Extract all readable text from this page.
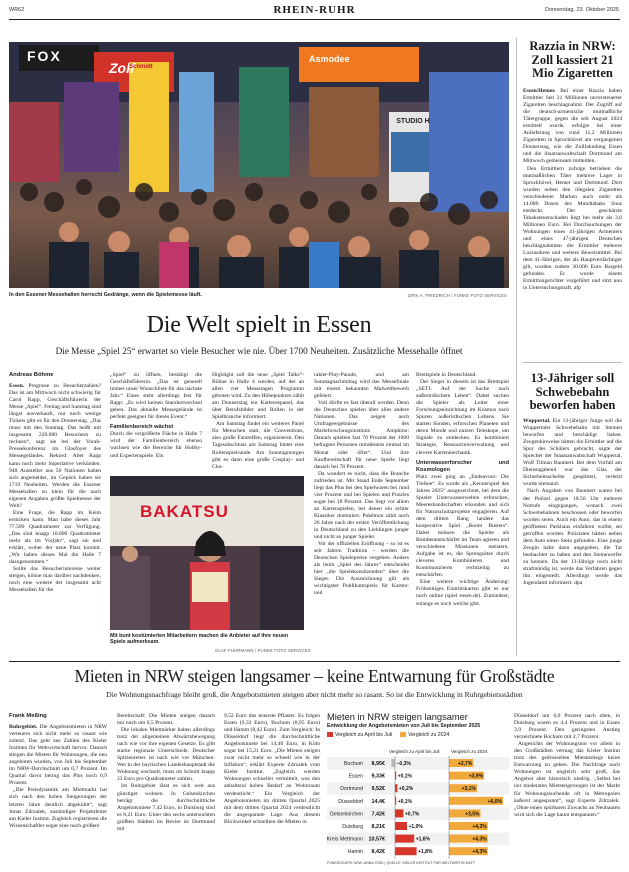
WR62	RHEIN-RUHR	Donnerstag, 23. Oktober 2025
FOX
Zolf
STUDIO H
Schmidt
Asmodee
In den Essener Messehallen herrscht Gedränge, wenn die Spielemesse läuft.	DIRK A. FRIEDRICH / FUNKE FOTO SERVICES
Die Welt spielt in Essen
Die Messe „Spiel 25“ erwartet so viele Besucher wie nie. Über 1700 Neuheiten. Zusätzliche Messehalle öffnet
Andreas Böhme

Essen. Prognose zu Besucherzahlen? Das ist am Mittwoch nicht schwierig für Carol Rapp, Geschäftsführerin der Messe „Spiel“. Freitag und Samstag sind längst ausverkauft, nur noch wenige Tickets gibt es für den Donnerstag. „Das muss mit den Sonntag. Das heißt mit insgesamt 220.000 Besuchern zu rechnen“, sagt sie bei der Vorab-Pressekonferenz im Glasfoyer des Messegeländes. Rekord: Aber Rapp kann noch mehr Superlative verkünden. 948 Aussteller aus 50 Nationen haben sich angemeldet, im Gepäck haben sie 1719 Neuheiten. Werden die Essener Messehallen zu klein für die nach eigenen Angaben größte Spielmesse der Welt?

Eine Frage, die Rapp im Keim ersticken kann. Man habe dieses Jahr 77.500 Quadratmeter zur Verfügung. „Das sind knapp 10.000 Quadratmeter mehr als im Vorjahr“, sagt sie und erklärt, woher der neue Platz kommt. „Wir haben dieses Mal die Halle 7 dazugenommen.“

Sollte das Besucherinteresse weiter steigen, könne man darüber nachdenken, noch eine weitere der insgesamt acht Messehallen für die

„Spiel“ zu öffnen, bestätigt die Geschäftsführerin. „Das ist generell immer unser Wunschliste für das nächste Jahr.“ Eines steht allerdings fest für Rapp: „Es wird keinen Standortwechsel geben. Das aktuelle Messegelände ist perfekt geeignet für dieses Event.“

Familienbereich wächst

Durch die vergrößerte Fläche in Halle 7 wird der Familienbereich ebenso wachsen wie die Bereiche für Hobby- und Expertenspiele. Ein

Highlight soll die neue „Spiel Talks“-Bühne in Halle 4 werden, auf der an allen vier Messetagen Programm geboten wird. Zu den Höhepunkten zählt am Donnerstag ein Kartenrepanel, das über Berufsbilder und Rollen in der Spielbranche informiert.

Am Samstag findet ein weiteres Panel für Menschen statt, die Conventions, also große Fantreffen, organisieren. Den Tagesabschluss am Samstag bietet eine Rollenspielrunde. Am Sonntagmorgen gibt es dann eine große Cosplay- und Cha-

BAKATSU
Mit bunt kostümierten Mitarbeitern machen die Anbieter auf ihre neuen Spiele aufmerksam.
OLAF FUHRMANN / FUNKE FOTO SERVICES

rakter-Play-Parade, und am Sonntagnachmittag wird das Messefinale mit einem bekannten Malwettbewerb gefeiert.

Voll dürfte es fast überall werden. Denn die Deutschen spielen über alles andere Nationen. Das zeigen auch Umfrageergebnisse des Marktforschungsinstituts Amphino: Danach spielten fast 70 Prozent der 1000 befragten Personen mindestens einmal im Monat oder öfter“. Und ihre Kaufbereitschaft für neue Spiele liegt danach bei 78 Prozent.

Da wundert es nicht, dass die Branche zufrieden ist. Mit Stand Ende September liegt das Plus bei den Spielwaren bei rund vier Prozent und bei Spielen und Puzzles sogar bei 18 Prozent. Das liegt vor allem an Kartenspielen, bei denen ein echter Klassiker dominiert. Pokémon zählt auch 26 Jahre nach der ersten Veröffentlichung in Deutschland zu den Lieblingen junger und nicht so junger Spieler.

Vor der offiziellen Eröffnung – so ist es seit Jahren Tradition – werden die Deutschen Spielepreise vergeben. Anders als beim „Spiel des Jahres“ entscheidet hier „die Spielekonsitzenden“ über die Sieger. Die Auszeichnung gilt als wichtigster Publikumspreis für Karten- und

Brettspiele in Deutschland.

Der Sieger in diesem ist das Brettspiel „SETI: Auf der Suche nach außerirdischem Leben“. Dabei suchen die Spieler als Leiter einer Forschungseinrichtung im Kosmos nach Spuren außerirdischen Lebens. Sie starten Sonden, erforschen Planeten und deren Monde und nutzen Teleskope, um Signale zu entdecken. Es kombiniert Strategie, Ressourcenverwaltung und clevere Kartenmechanik.

Unterwasserforscher und Kosmologen

Platz zwei ging an „Endeavour: Die Tiefsee“. Es wurde als „Kennerspiel des Jahres 2025“ ausgezeichnet, bei dem die Spieler Unterwasserwelten erforschen, Meeresbandschaften erkunden und sich für Naturschutzprojekte engagieren. Auf dem dritten Rang landete das kooperative Spiel „Boom Busters“. Dabei müssen die Spieler als Bombenentschärfer im Team agieren und verschiedene Missionen meistern. Aufgabe ist es, die Sprengsätze durch cleveres Kombinieren und Kommunizieren rechtzeitig zu entschärfen.

Eine weitere wichtige Änderung: Frühzeitiges Eintrittskarten gibt es nur noch online (spiel essen.de). Zumindest, solange es noch welche gibt.

Razzia in NRW: Zoll kassiert 21 Mio Zigaretten

Essen/Hemer. Bei einer Razzia haben Ermittler fast 21 Millionen unversteuerter Zigaretten beschlagnahmt. Der Zugriff auf die deutsch-armenische mutmaßliche Tätergruppe, gegen die seit August 2024 ermittelt wurde, erfolgte bei einer Anlieferung von rund 11,2 Millionen Zigaretten in Sprockhövel am vergangenen Donnerstag, wie die Zollfahndung Essen und die Staatsanwaltschaft Dortmund am Mittwoch gemeinsam mitteilten.

Den Ermittlern zufolge betrieben die mutmaßlichen Täter mehrere Lager in Sprockhövel, Hemer und Dortmund. Dort wurden neben den illegalen Zigaretten verschiedener Marken auch mehr als 14.000 Dosen des Mundtabaks Snus entdeckt. Der geschätzte Tabaksteuerschaden liegt bei mehr als 3,6 Millionen Euro. Bei Durchsuchungen der Wohnungen eines 41-jährigen Armeniers und eines 47-jährigen Deutschen beschlagnahmten die Ermittler mehrere Luxusuhren und weitere Beweismittel. Bei dem 41-Jährigen, der als Hauptverdächtiger gilt, wurden zudem 30.000 Euro Bargeld gefunden. Er wurde einem Ermittlungsrichter vorgeführt und sitzt nun in Untersuchungshaft. afp

13-Jähriger soll Schwebebahn beworfen haben

Wuppertal. Ein 13-jähriger Junge soll die Wuppertaler Schwebebahn mit Steinen beworfen und beschädigt haben. Zeugenhinweise hätten die Ermittler auf die Spur des Schülers gebracht, sagte der Sprecher der Staatsanwaltschaft Wuppertal, Wolf Tilman Baumert. Bei dem Vorfall am Dienstagabend war das Glas der Sicherheitsscheibe gesplittert, verletzt wurde niemand.

Nach Angaben von Baumert waren bei der Polizei gegen 18.50 Uhr mehrere Notrufe eingegangen, wonach zwei Schwebebahnen beschossen oder beworfen worden seien. Auch ein Auto, das in einem geöffneten Parkhaus einfahren wollte, sei getroffen worden. Polizisten hätten neben dem Auto einen Stein gefunden. Eine junge Zeugin habe dann angegeben, die Tat beobachtet zu haben und den Steinewerfer zu kennen. Da der 13-Jährige noch nicht strafmündig ist, werde das Verfahren gegen ihn eingestellt. Allerdings werde das Jugendamt informiert. dpa

Mieten in NRW steigen langsamer – keine Entwarnung für Großstädte
Die Wohnungsnachfrage bleibt groß, die Angebotsmieten steigen aber nicht mehr so rasant. So ist die Entwicklung in Ruhrgebietsstädten
Frank Meßing

Ruhrgebiet. Die Angebotsmieten in NRW verteuern sich nicht mehr so rasant wie zuletzt. Das geht aus Zahlen des Kieler Instituts für Weltwirtschaft hervor. Danach stiegen die Mieten für Wohnungen, die neu angeboten wurden, von Juli bis September im NRW-Durchschnitt um 0,7 Prozent. Im Quartal davor betrug das Plus noch 0,9 Prozent.

„Die Preisdynamik am Mietmarkt hat sich nach den hohen Steigerungen der letzten Jahre deutlich abgekühlt“, sagt Jonas Zdrzalek, zuständiger Projektleiter am Kieler Institut. Zugleich registrieren die Wissenschaftler sogar eine noch größere

Bereitschaft: Die Mieten stiegen danach nur noch um 0,5 Prozent.

Die lokalen Mietmärkte haben allerdings trotz der allgemeinen Abwärtsbewegung nach wie vor ihre eigenen Gesetze. Es gibt starke regionale Unterschiede. Deutscher Spitzenreiter ist nach wie vor München: Wer in der bayrischen Landeshauptstadt die Wohnung wechselt, muss im Schnitt knapp 23 Euro pro Quadratmeter zahlen.

Im Ruhrgebiet lässt es sich weit aus günstiger wohnen. In Gelsenkirchen beträgt die durchschnittliche Angebotsmiete 7,42 Euro, in Duisburg sind es 8,21 Euro. Unter den sechs untersuchten größten Städten im Revier ist Dortmund mit

9,52 Euro das teuerste Pflaster. Es folgen Essen (9,33 Euro), Bochum (8,95 Euro) und Hamm (8,42 Euro). Zum Vergleich: In Düsseldorf liegt die durchschnittliche Angebotsmiete bei 14,40 Euro, in Köln sogar bei 15,21 Euro. „Die Mieten steigen zwar nicht mehr so schnell wie in der Inflation“, erklärt Experte Zdrzalek vom Kieler Institut. „Zugleich werden Wohnungen schneller vermittelt, was den anhaltend hohen Bedarf an Wohnraum verdeutlicht.“ Ein Vergleich der Angebotsmieten im dritten Quartal 2025 mit dem dritten Quartal 2024 verdeutlicht die angespannte Lage. Aus diesem Blickwinkel schnellten die Mieten in

Mieten in NRW steigen langsamer
Entwicklung der Angebotsmieten von Juli bis September 2025
Vergleich zu April bis Juli	Vergleich zu 2024
Vergleich zu April bis Juli Vergleich zu 2024
Bochum 8,95€ −0,3%	+2,7%
Essen 9,33€	+0,1%	+3,9%
Dortmund 9,52€	+0,2%	+3,1%
Düsseldorf 14,4€	+0,1%	+6,0%
Gelsenkirchen 7,42€	+0,7%	+3,5%
Duisburg 8,21€	+1,0%	+4,3%
Kreis Mettmann 10,57€	+1,6%	+4,3%
Hamm 8,42€	+1,8%	+4,3%
FUNKEGRAFIK NRW: ANNA STAß | QUELLE: KIELER INSTITUT FÜR WELTWIRTSCHAFT

Düsseldorf um 6,0 Prozent nach oben, in Duisburg waren es 4,4 Prozent und in Essen 3,9 Prozent. Den geringsten Anstieg verzeichnete Bochum mit 2,7 Prozent.

Angesichts der Wohnungsnot vor allem in den Großstädten vermag das Kieler Institut trotz des gedrosselten Mietanstiegs keine Entwarnung zu geben. Die Nachfrage nach Wohnungen ist ungleich sehr groß, das Angebot aber historisch niedrig. „Selbst bei nur moderaten Mietsteigerungen ist der Markt für Wohnungssuchende oft in Metropolen äußerst angespannt“, sagt Experte Zdrzalek. „Ohne einen spürbaren Zuwachs an Neubauten wird sich die Lage kaum entspannen.“
